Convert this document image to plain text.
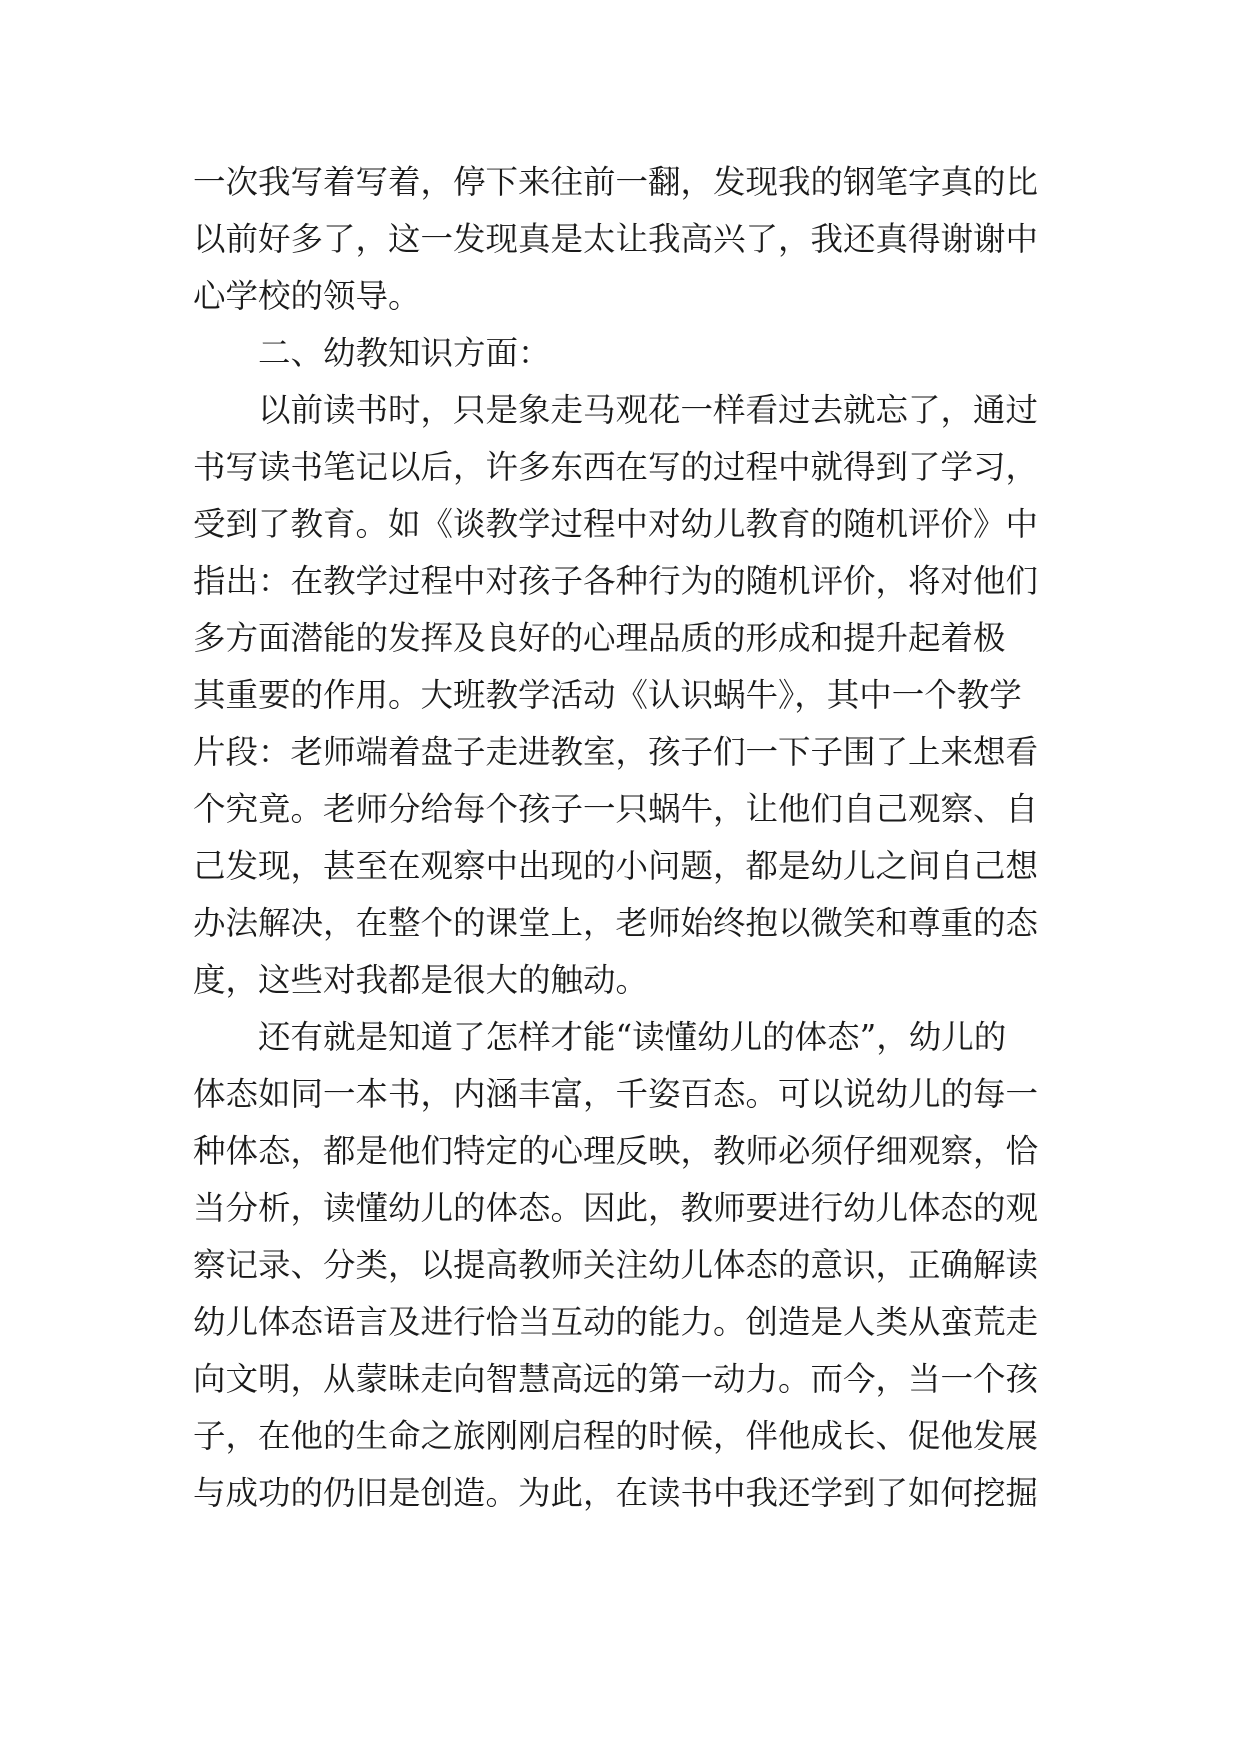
一次我写着写着，停下来往前一翻，发现我的钢笔字真的比
以前好多了，这一发现真是太让我高兴了，我还真得谢谢中
心学校的领导。
二、幼教知识方面：
以前读书时，只是象走马观花一样看过去就忘了，通过
书写读书笔记以后，许多东西在写的过程中就得到了学习，
受到了教育。如《谈教学过程中对幼儿教育的随机评价》中
指出：在教学过程中对孩子各种行为的随机评价，将对他们
多方面潜能的发挥及良好的心理品质的形成和提升起着极
其重要的作用。大班教学活动《认识蜗牛》，其中一个教学
片段：老师端着盘子走进教室，孩子们一下子围了上来想看
个究竟。老师分给每个孩子一只蜗牛，让他们自己观察、自
己发现，甚至在观察中出现的小问题，都是幼儿之间自己想
办法解决，在整个的课堂上，老师始终抱以微笑和尊重的态
度，这些对我都是很大的触动。
还有就是知道了怎样才能“读懂幼儿的体态”，幼儿的
体态如同一本书，内涵丰富，千姿百态。可以说幼儿的每一
种体态，都是他们特定的心理反映，教师必须仔细观察，恰
当分析，读懂幼儿的体态。因此，教师要进行幼儿体态的观
察记录、分类，以提高教师关注幼儿体态的意识，正确解读
幼儿体态语言及进行恰当互动的能力。创造是人类从蛮荒走
向文明，从蒙昧走向智慧高远的第一动力。而今，当一个孩
子，在他的生命之旅刚刚启程的时候，伴他成长、促他发展
与成功的仍旧是创造。为此，在读书中我还学到了如何挖掘
